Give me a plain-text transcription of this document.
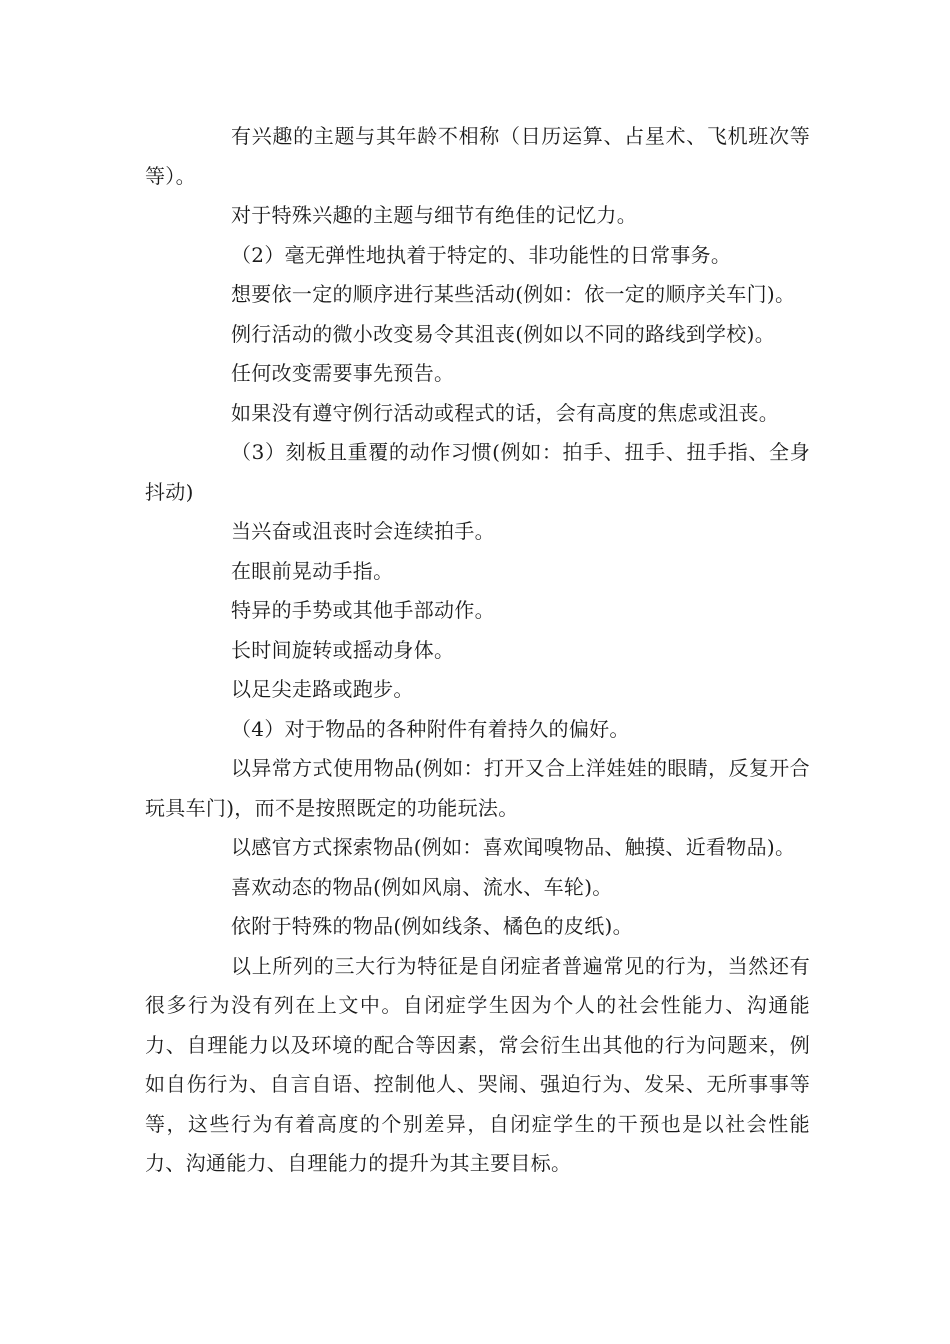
有兴趣的主题与其年龄不相称（日历运算、占星术、飞机班次等等）。

对于特殊兴趣的主题与细节有绝佳的记忆力。

（2）毫无弹性地执着于特定的、非功能性的日常事务。

想要依一定的顺序进行某些活动(例如：依一定的顺序关车门)。

例行活动的微小改变易令其沮丧(例如以不同的路线到学校)。

任何改变需要事先预告。

如果没有遵守例行活动或程式的话，会有高度的焦虑或沮丧。

（3）刻板且重覆的动作习惯(例如：拍手、扭手、扭手指、全身抖动)

当兴奋或沮丧时会连续拍手。

在眼前晃动手指。

特异的手势或其他手部动作。

长时间旋转或摇动身体。

以足尖走路或跑步。

（4）对于物品的各种附件有着持久的偏好。

以异常方式使用物品(例如：打开又合上洋娃娃的眼睛，反复开合玩具车门)，而不是按照既定的功能玩法。

以感官方式探索物品(例如：喜欢闻嗅物品、触摸、近看物品)。

喜欢动态的物品(例如风扇、流水、车轮)。

依附于特殊的物品(例如线条、橘色的皮纸)。

以上所列的三大行为特征是自闭症者普遍常见的行为，当然还有很多行为没有列在上文中。自闭症学生因为个人的社会性能力、沟通能力、自理能力以及环境的配合等因素，常会衍生出其他的行为问题来，例如自伤行为、自言自语、控制他人、哭闹、强迫行为、发呆、无所事事等等，这些行为有着高度的个别差异，自闭症学生的干预也是以社会性能力、沟通能力、自理能力的提升为其主要目标。
